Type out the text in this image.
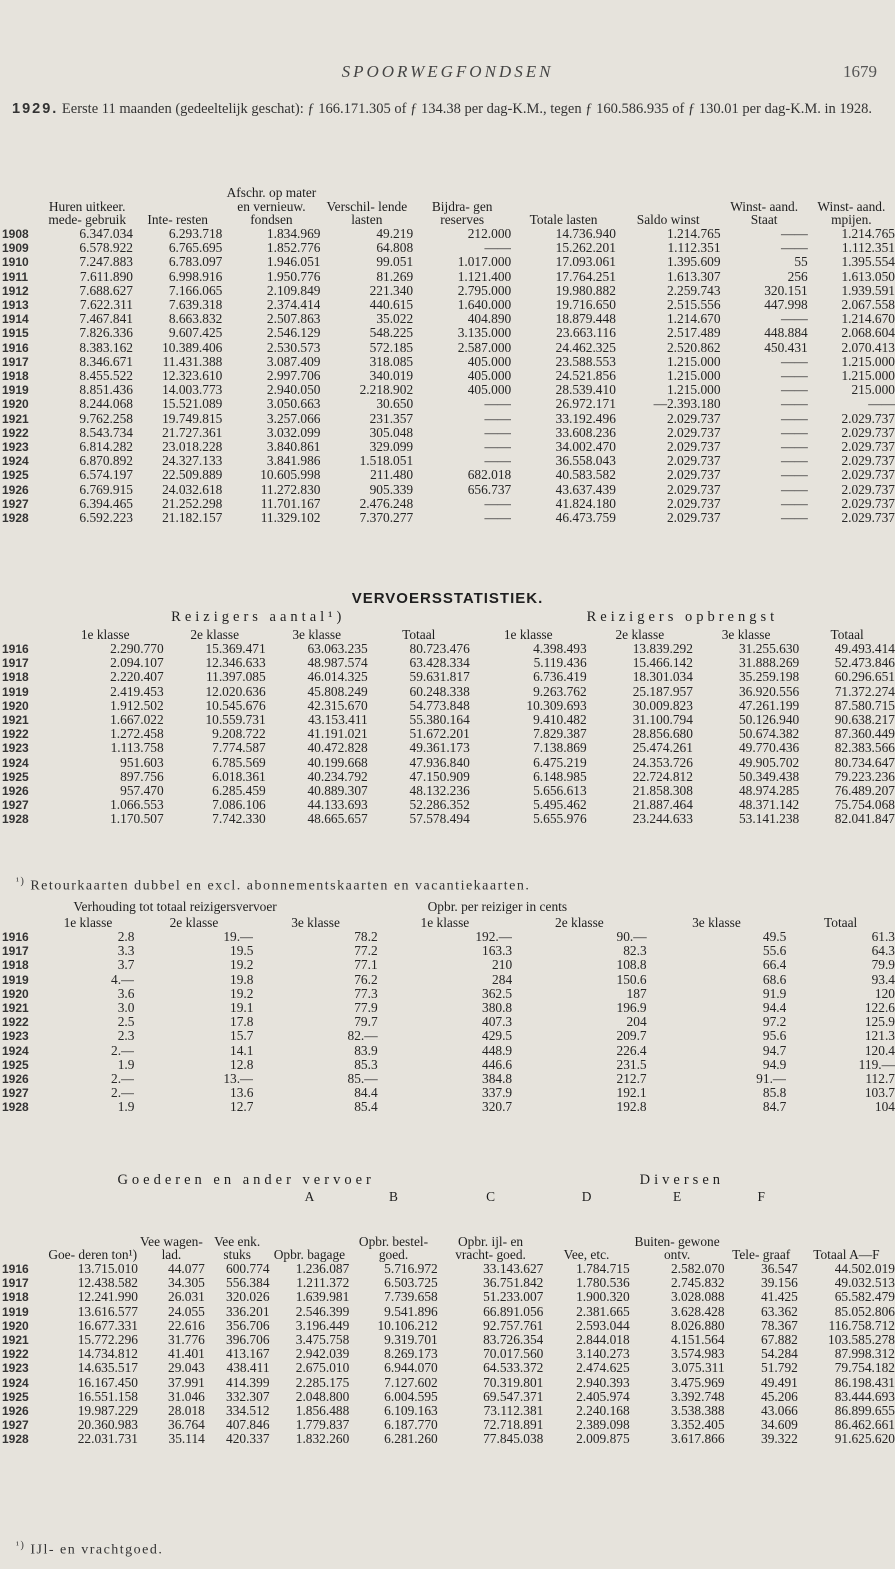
SPOORWEGFONDSEN	1679
1929. Eerste 11 maanden (gedeeltelijk geschat): ƒ 166.171.305 of ƒ 134.38 per dag-K.M., tegen ƒ 160.586.935 of ƒ 130.01 per dag-K.M. in 1928.
	Huren uitkeer. mede- gebruik	Inte- resten	Afschr. op mater en vernieuw. fondsen	Verschil- lende lasten	Bijdra- gen reserves	Totale lasten	Saldo winst	Winst- aand. Staat	Winst- aand. mpijen.
1908	6.347.034	6.293.718	1.834.969	49.219	212.000	14.736.940	1.214.765	——	1.214.765
1909	6.578.922	6.765.695	1.852.776	64.808	——	15.262.201	1.112.351	——	1.112.351
1910	7.247.883	6.783.097	1.946.051	99.051	1.017.000	17.093.061	1.395.609	55	1.395.554
1911	7.611.890	6.998.916	1.950.776	81.269	1.121.400	17.764.251	1.613.307	256	1.613.050
1912	7.688.627	7.166.065	2.109.849	221.340	2.795.000	19.980.882	2.259.743	320.151	1.939.591
1913	7.622.311	7.639.318	2.374.414	440.615	1.640.000	19.716.650	2.515.556	447.998	2.067.558
1914	7.467.841	8.663.832	2.507.863	35.022	404.890	18.879.448	1.214.670	——	1.214.670
1915	7.826.336	9.607.425	2.546.129	548.225	3.135.000	23.663.116	2.517.489	448.884	2.068.604
1916	8.383.162	10.389.406	2.530.573	572.185	2.587.000	24.462.325	2.520.862	450.431	2.070.413
1917	8.346.671	11.431.388	3.087.409	318.085	405.000	23.588.553	1.215.000	——	1.215.000
1918	8.455.522	12.323.610	2.997.706	340.019	405.000	24.521.856	1.215.000	——	1.215.000
1919	8.851.436	14.003.773	2.940.050	2.218.902	405.000	28.539.410	1.215.000	——	215.000
1920	8.244.068	15.521.089	3.050.663	30.650	——	26.972.171	—2.393.180	——	——
1921	9.762.258	19.749.815	3.257.066	231.357	——	33.192.496	2.029.737	——	2.029.737
1922	8.543.734	21.727.361	3.032.099	305.048	——	33.608.236	2.029.737	——	2.029.737
1923	6.814.282	23.018.228	3.840.861	329.099	——	34.002.470	2.029.737	——	2.029.737
1924	6.870.892	24.327.133	3.841.986	1.518.051	——	36.558.043	2.029.737	——	2.029.737
1925	6.574.197	22.509.889	10.605.998	211.480	682.018	40.583.582	2.029.737	——	2.029.737
1926	6.769.915	24.032.618	11.272.830	905.339	656.737	43.637.439	2.029.737	——	2.029.737
1927	6.394.465	21.252.298	11.701.167	2.476.248	——	41.824.180	2.029.737	——	2.029.737
1928	6.592.223	21.182.157	11.329.102	7.370.277	——	46.473.759	2.029.737	——	2.029.737
VERVOERSSTATISTIEK.
	Reizigers aantal¹)				Reizigers opbrengst			
	1e klasse	2e klasse	3e klasse	Totaal	1e klasse	2e klasse	3e klasse	Totaal
1916	2.290.770	15.369.471	63.063.235	80.723.476	4.398.493	13.839.292	31.255.630	49.493.414
1917	2.094.107	12.346.633	48.987.574	63.428.334	5.119.436	15.466.142	31.888.269	52.473.846
1918	2.220.407	11.397.085	46.014.325	59.631.817	6.736.419	18.301.034	35.259.198	60.296.651
1919	2.419.453	12.020.636	45.808.249	60.248.338	9.263.762	25.187.957	36.920.556	71.372.274
1920	1.912.502	10.545.676	42.315.670	54.773.848	10.309.693	30.009.823	47.261.199	87.580.715
1921	1.667.022	10.559.731	43.153.411	55.380.164	9.410.482	31.100.794	50.126.940	90.638.217
1922	1.272.458	9.208.722	41.191.021	51.672.201	7.829.387	28.856.680	50.674.382	87.360.449
1923	1.113.758	7.774.587	40.472.828	49.361.173	7.138.869	25.474.261	49.770.436	82.383.566
1924	951.603	6.785.569	40.199.668	47.936.840	6.475.219	24.353.726	49.905.702	80.734.647
1925	897.756	6.018.361	40.234.792	47.150.909	6.148.985	22.724.812	50.349.438	79.223.236
1926	957.470	6.285.459	40.889.307	48.132.236	5.656.613	21.858.308	48.974.285	76.489.207
1927	1.066.553	7.086.106	44.133.693	52.286.352	5.495.462	21.887.464	48.371.142	75.754.068
1928	1.170.507	7.742.330	48.665.657	57.578.494	5.655.976	23.244.633	53.141.238	82.041.847
$^{^1)}$ Retourkaarten dubbel en excl. abonnementskaarten en vacantiekaarten.
	Verhouding tot totaal reizigersvervoer			Opbr. per reiziger in cents			
	1e klasse	2e klasse	3e klasse	1e klasse	2e klasse	3e klasse	Totaal
1916	2.8	19.—	78.2	192.—	90.—	49.5	61.3
1917	3.3	19.5	77.2	163.3	82.3	55.6	64.3
1918	3.7	19.2	77.1	210	108.8	66.4	79.9
1919	4.—	19.8	76.2	284	150.6	68.6	93.4
1920	3.6	19.2	77.3	362.5	187	91.9	120
1921	3.0	19.1	77.9	380.8	196.9	94.4	122.6
1922	2.5	17.8	79.7	407.3	204	97.2	125.9
1923	2.3	15.7	82.—	429.5	209.7	95.6	121.3
1924	2.—	14.1	83.9	448.9	226.4	94.7	120.4
1925	1.9	12.8	85.3	446.6	231.5	94.9	119.—
1926	2.—	13.—	85.—	384.8	212.7	91.—	112.7
1927	2.—	13.6	84.4	337.9	192.1	85.8	103.7
1928	1.9	12.7	85.4	320.7	192.8	84.7	104
	Goederen en ander vervoer							Diversen		
				A	B	C	D	E	F	
	Goe- deren ton¹)	Vee wagen- lad.	Vee enk. stuks	Opbr. bagage	Opbr. bestel- goed.	Opbr. ijl- en vracht- goed.	Vee, etc.	Buiten- gewone ontv.	Tele- graaf	Totaal A—F
1916	13.715.010	44.077	600.774	1.236.087	5.716.972	33.143.627	1.784.715	2.582.070	36.547	44.502.019
1917	12.438.582	34.305	556.384	1.211.372	6.503.725	36.751.842	1.780.536	2.745.832	39.156	49.032.513
1918	12.241.990	26.031	320.026	1.639.981	7.739.658	51.233.007	1.900.320	3.028.088	41.425	65.582.479
1919	13.616.577	24.055	336.201	2.546.399	9.541.896	66.891.056	2.381.665	3.628.428	63.362	85.052.806
1920	16.677.331	22.616	356.706	3.196.449	10.106.212	92.757.761	2.593.044	8.026.880	78.367	116.758.712
1921	15.772.296	31.776	396.706	3.475.758	9.319.701	83.726.354	2.844.018	4.151.564	67.882	103.585.278
1922	14.734.812	41.401	413.167	2.942.039	8.269.173	70.017.560	3.140.273	3.574.983	54.284	87.998.312
1923	14.635.517	29.043	438.411	2.675.010	6.944.070	64.533.372	2.474.625	3.075.311	51.792	79.754.182
1924	16.167.450	37.991	414.399	2.285.175	7.127.602	70.319.801	2.940.393	3.475.969	49.491	86.198.431
1925	16.551.158	31.046	332.307	2.048.800	6.004.595	69.547.371	2.405.974	3.392.748	45.206	83.444.693
1926	19.987.229	28.018	334.512	1.856.488	6.109.163	73.112.381	2.240.168	3.538.388	43.066	86.899.655
1927	20.360.983	36.764	407.846	1.779.837	6.187.770	72.718.891	2.389.098	3.352.405	34.609	86.462.661
1928	22.031.731	35.114	420.337	1.832.260	6.281.260	77.845.038	2.009.875	3.617.866	39.322	91.625.620
$^{^1)}$ IJl- en vrachtgoed.
